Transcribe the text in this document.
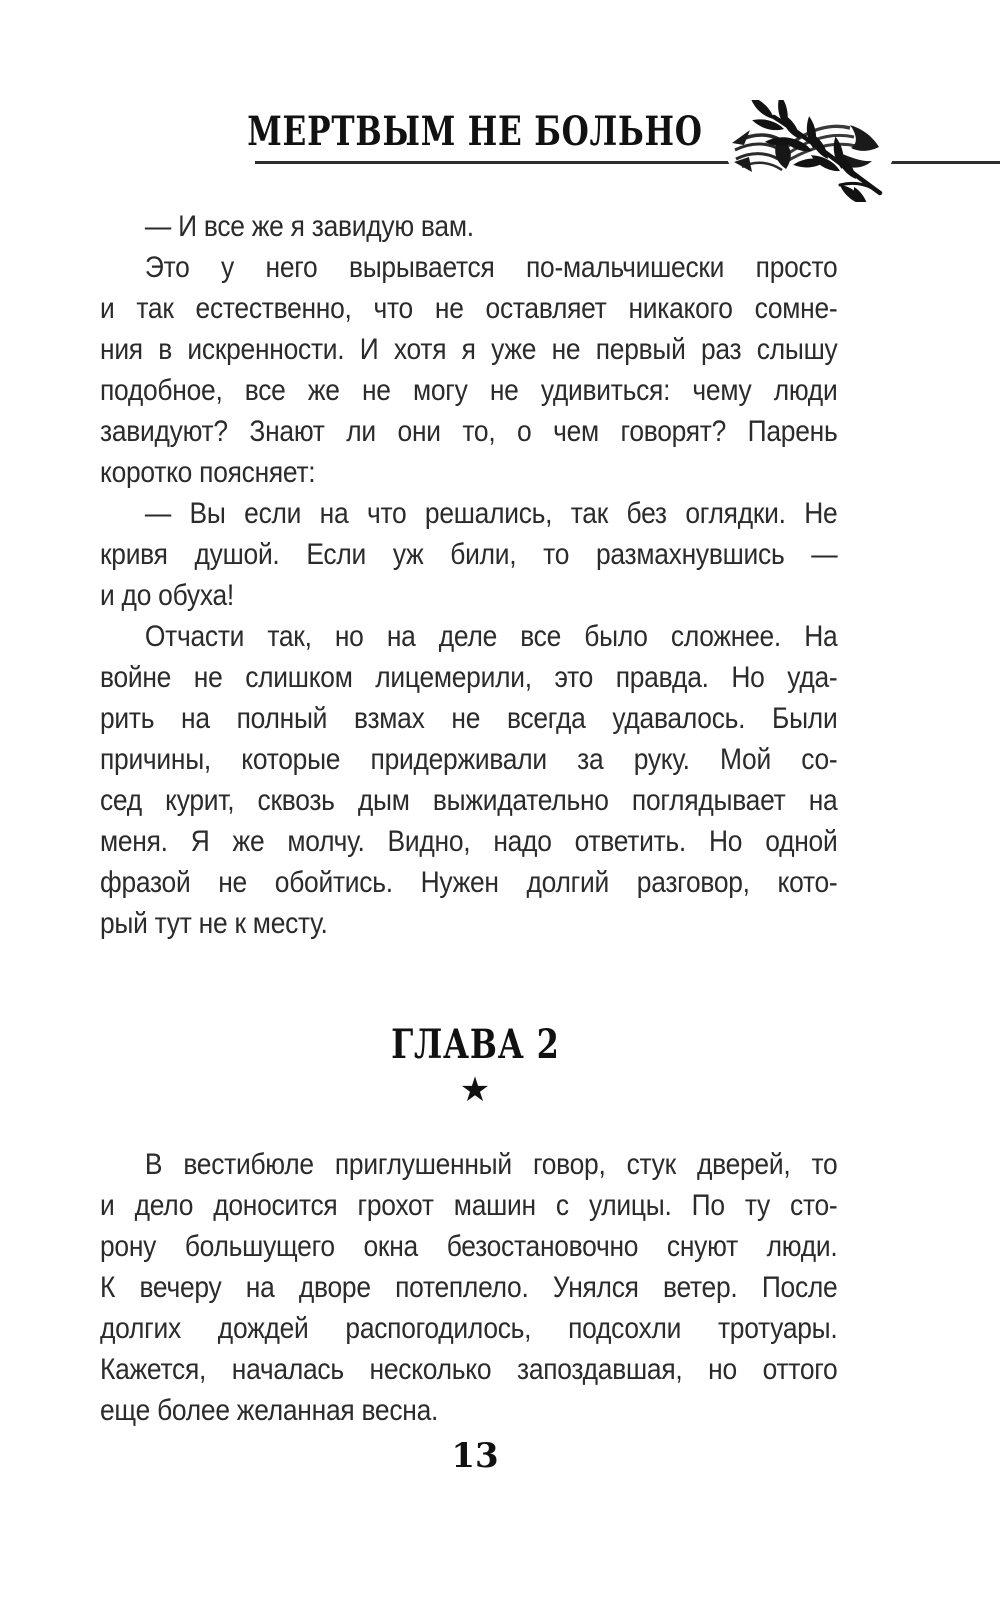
МЕРТВЫМ НЕ БОЛЬНО
— И все же я завидую вам.
Это у него вырывается по-мальчишески просто
и так естественно, что не оставляет никакого сомне-
ния в искренности. И хотя я уже не первый раз слышу
подобное, все же не могу не удивиться: чему люди
завидуют? Знают ли они то, о чем говорят? Парень
коротко поясняет:
— Вы если на что решались, так без оглядки. Не
кривя душой. Если уж били, то размахнувшись —
и до обуха!
Отчасти так, но на деле все было сложнее. На
войне не слишком лицемерили, это правда. Но уда-
рить на полный взмах не всегда удавалось. Были
причины, которые придерживали за руку. Мой со-
сед курит, сквозь дым выжидательно поглядывает на
меня. Я же молчу. Видно, надо ответить. Но одной
фразой не обойтись. Нужен долгий разговор, кото-
рый тут не к месту.
ГЛАВА 2
★
В вестибюле приглушенный говор, стук дверей, то
и дело доносится грохот машин с улицы. По ту сто-
рону большущего окна безостановочно снуют люди.
К вечеру на дворе потеплело. Унялся ветер. После
долгих дождей распогодилось, подсохли тротуары.
Кажется, началась несколько запоздавшая, но оттого
еще более желанная весна.
13
